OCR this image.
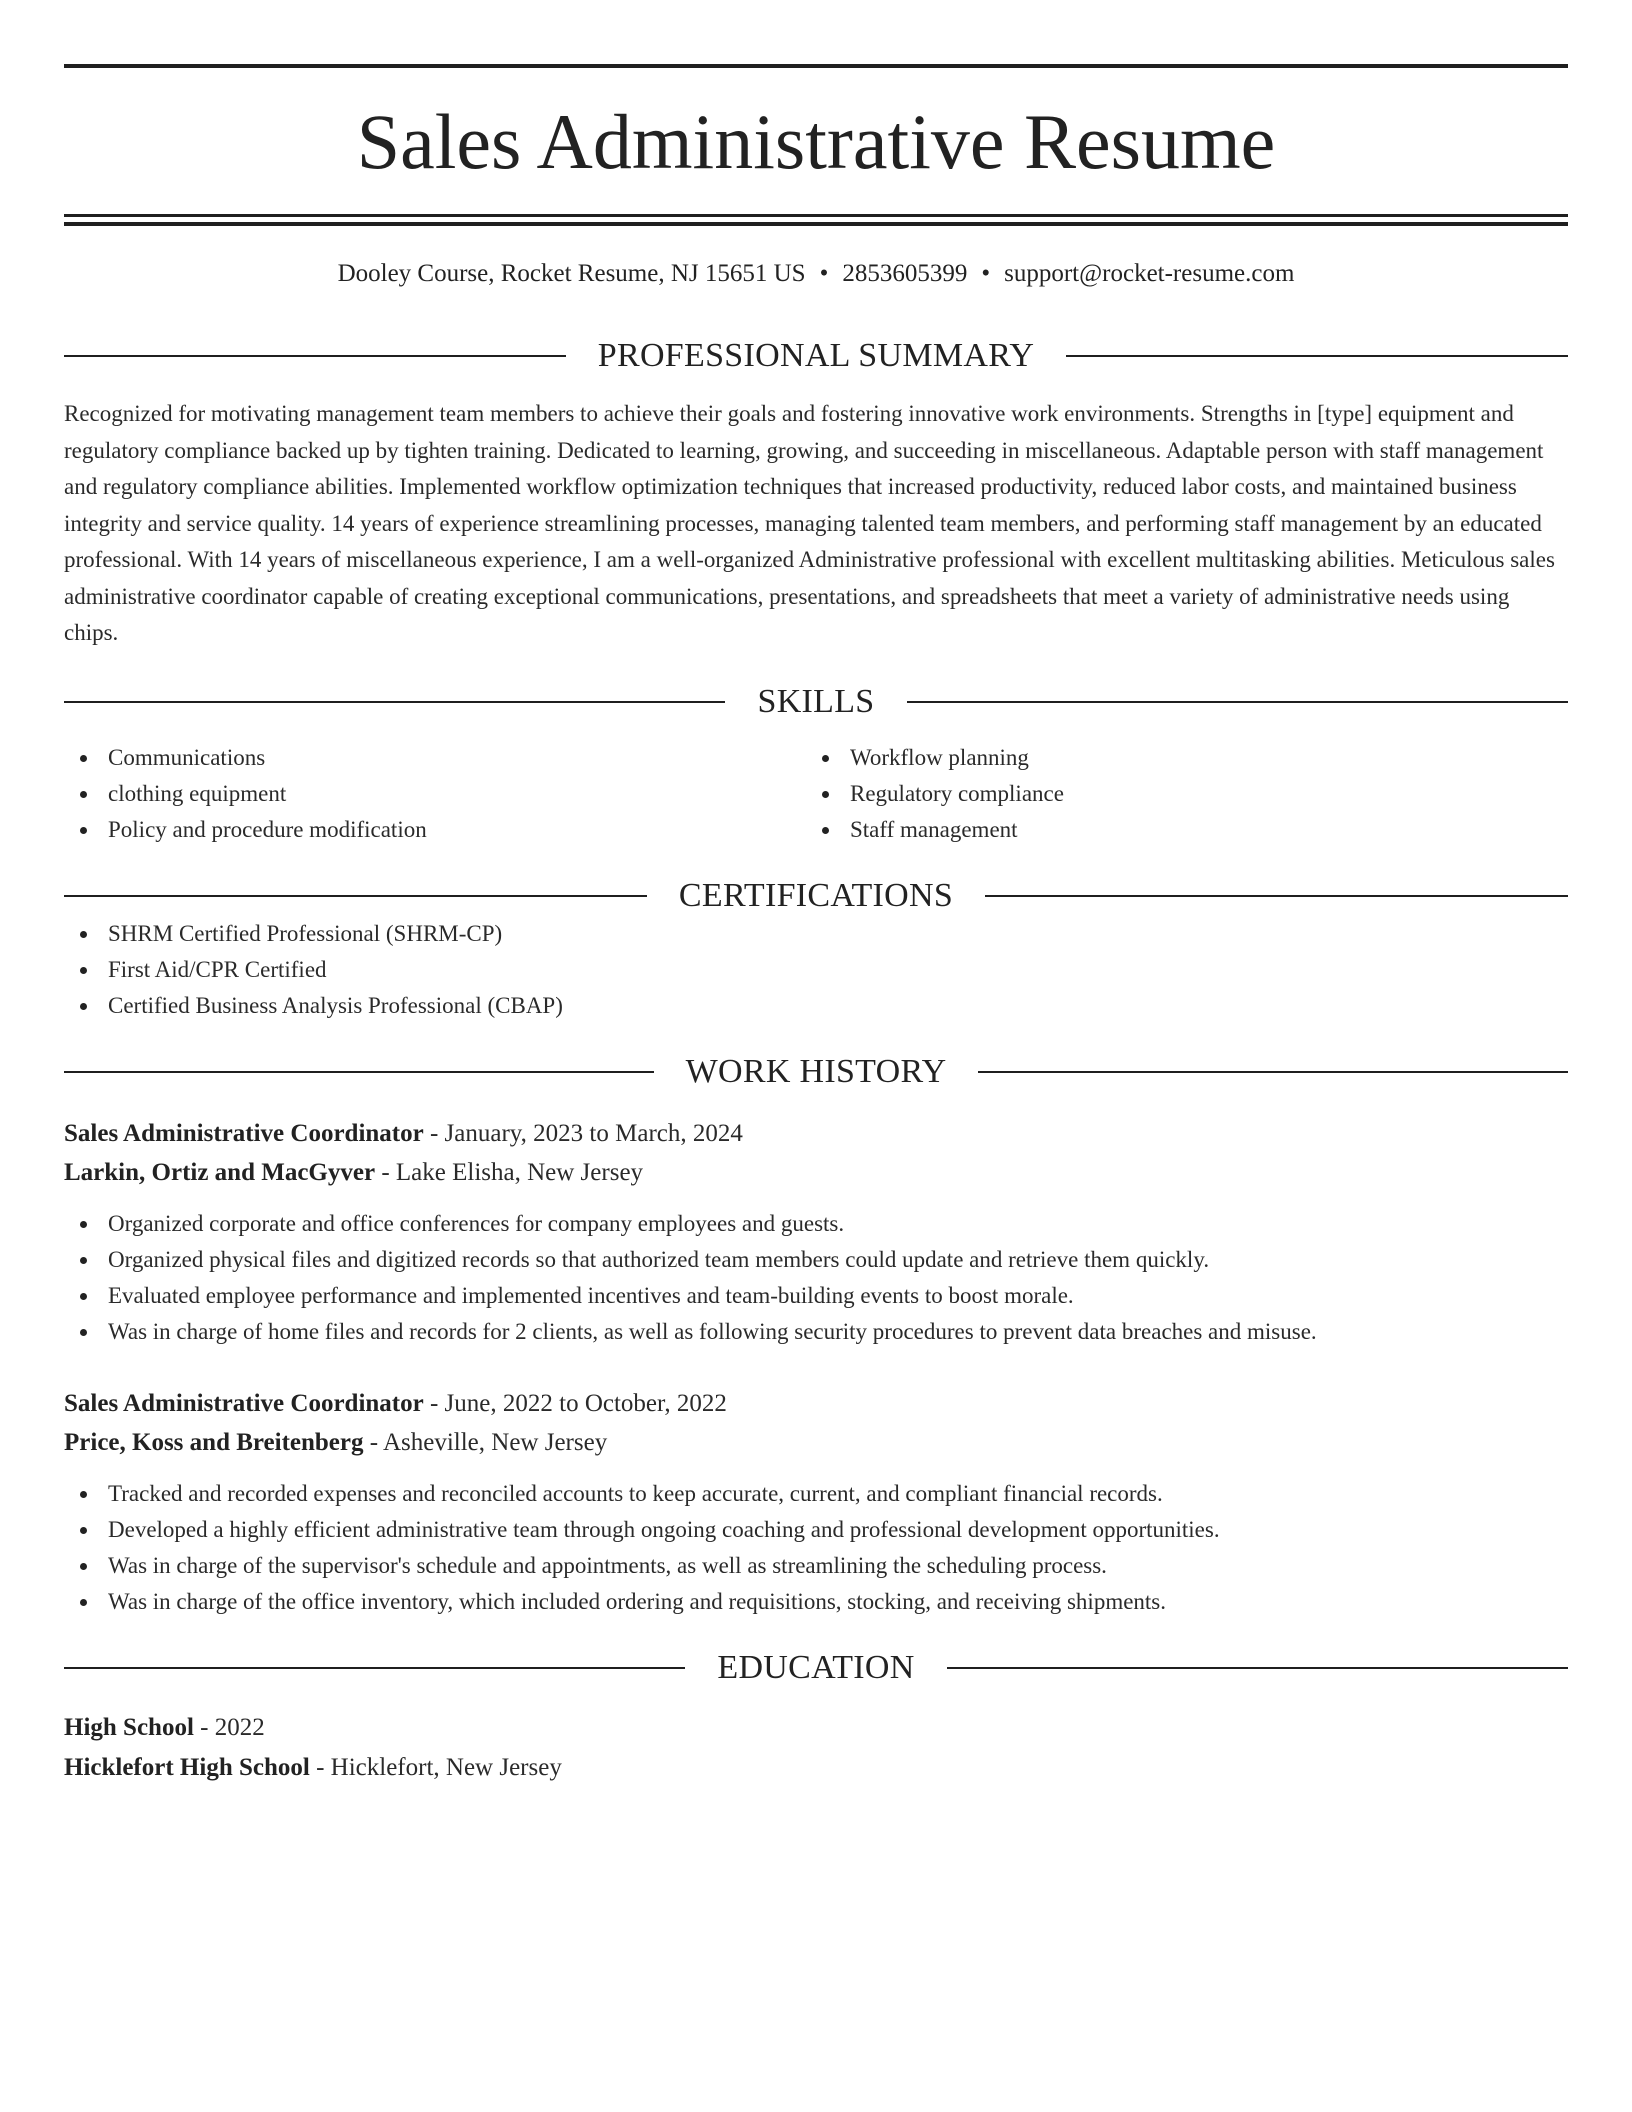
Sales Administrative Resume
Dooley Course, Rocket Resume, NJ 15651 US • 2853605399 • support@rocket-resume.com
PROFESSIONAL SUMMARY
Recognized for motivating management team members to achieve their goals and fostering innovative work environments. Strengths in [type] equipment and regulatory compliance backed up by tighten training. Dedicated to learning, growing, and succeeding in miscellaneous. Adaptable person with staff management and regulatory compliance abilities. Implemented workflow optimization techniques that increased productivity, reduced labor costs, and maintained business integrity and service quality. 14 years of experience streamlining processes, managing talented team members, and performing staff management by an educated professional. With 14 years of miscellaneous experience, I am a well-organized Administrative professional with excellent multitasking abilities. Meticulous sales administrative coordinator capable of creating exceptional communications, presentations, and spreadsheets that meet a variety of administrative needs using chips.
SKILLS
Communications
clothing equipment
Policy and procedure modification
Workflow planning
Regulatory compliance
Staff management
CERTIFICATIONS
SHRM Certified Professional (SHRM-CP)
First Aid/CPR Certified
Certified Business Analysis Professional (CBAP)
WORK HISTORY
Sales Administrative Coordinator - January, 2023 to March, 2024
Larkin, Ortiz and MacGyver - Lake Elisha, New Jersey
Organized corporate and office conferences for company employees and guests.
Organized physical files and digitized records so that authorized team members could update and retrieve them quickly.
Evaluated employee performance and implemented incentives and team-building events to boost morale.
Was in charge of home files and records for 2 clients, as well as following security procedures to prevent data breaches and misuse.
Sales Administrative Coordinator - June, 2022 to October, 2022
Price, Koss and Breitenberg - Asheville, New Jersey
Tracked and recorded expenses and reconciled accounts to keep accurate, current, and compliant financial records.
Developed a highly efficient administrative team through ongoing coaching and professional development opportunities.
Was in charge of the supervisor's schedule and appointments, as well as streamlining the scheduling process.
Was in charge of the office inventory, which included ordering and requisitions, stocking, and receiving shipments.
EDUCATION
High School - 2022
Hicklefort High School - Hicklefort, New Jersey
